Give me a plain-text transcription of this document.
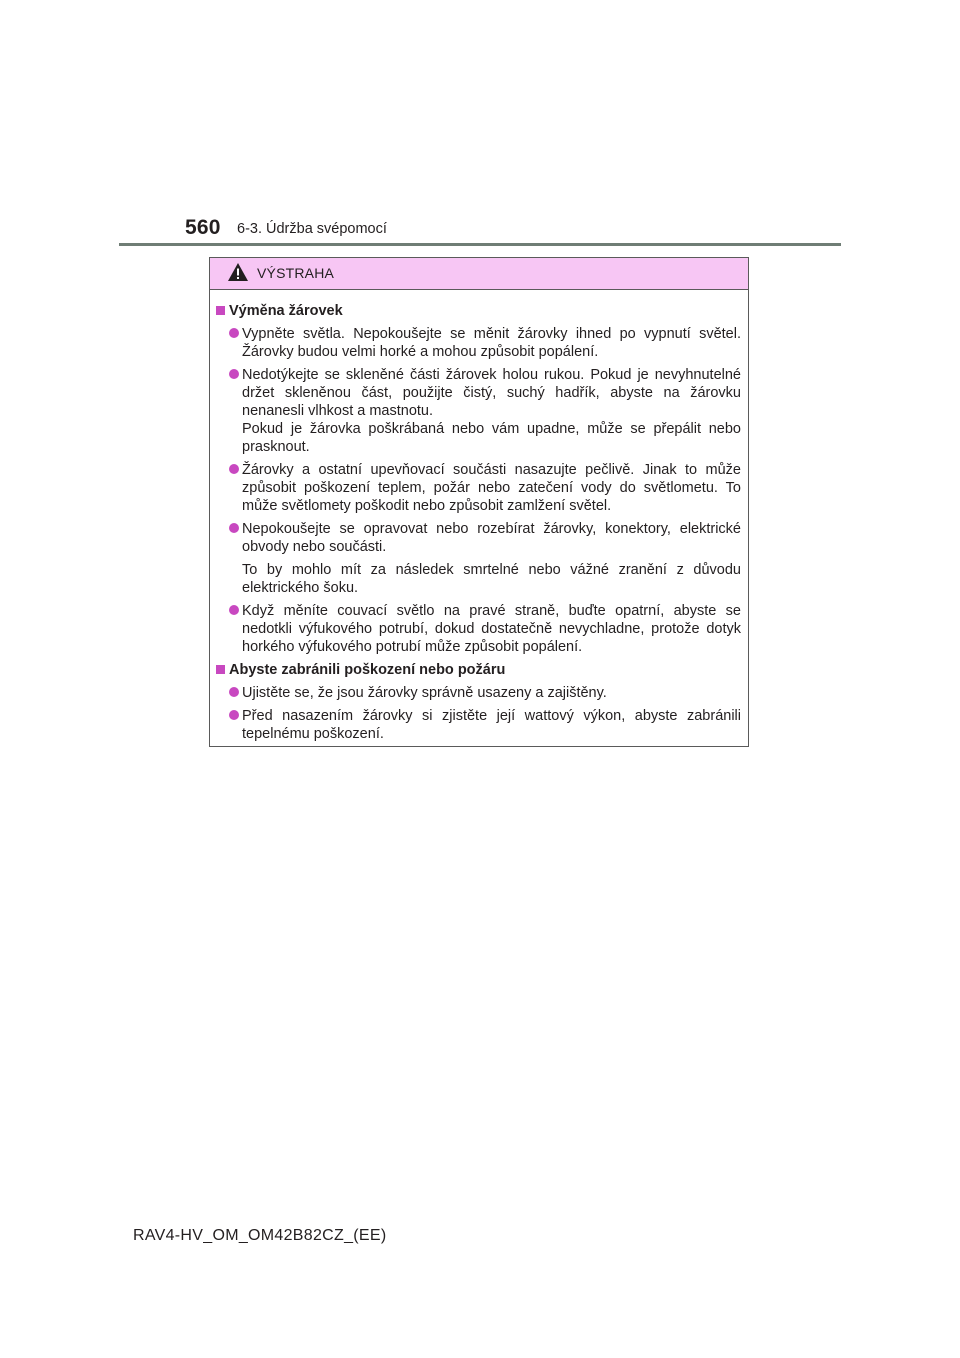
560 6-3. Údržba svépomocí
VÝSTRAHA
Výměna žárovek
Vypněte světla. Nepokoušejte se měnit žárovky ihned po vypnutí světel. Žárovky budou velmi horké a mohou způsobit popálení.
Nedotýkejte se skleněné části žárovek holou rukou. Pokud je nevyhnutelné držet skleněnou část, použijte čistý, suchý hadřík, abyste na žárovku nenanesli vlhkost a mastnotu.
Pokud je žárovka poškrábaná nebo vám upadne, může se přepálit nebo prasknout.
Žárovky a ostatní upevňovací součásti nasazujte pečlivě. Jinak to může způsobit poškození teplem, požár nebo zatečení vody do světlometu. To může světlomety poškodit nebo způsobit zamlžení světel.
Nepokoušejte se opravovat nebo rozebírat žárovky, konektory, elektrické obvody nebo součásti.
To by mohlo mít za následek smrtelné nebo vážné zranění z důvodu elektrického šoku.
Když měníte couvací světlo na pravé straně, buďte opatrní, abyste se nedotkli výfukového potrubí, dokud dostatečně nevychladne, protože dotyk horkého výfukového potrubí může způsobit popálení.
Abyste zabránili poškození nebo požáru
Ujistěte se, že jsou žárovky správně usazeny a zajištěny.
Před nasazením žárovky si zjistěte její wattový výkon, abyste zabránili tepelnému poškození.
RAV4-HV_OM_OM42B82CZ_(EE)
